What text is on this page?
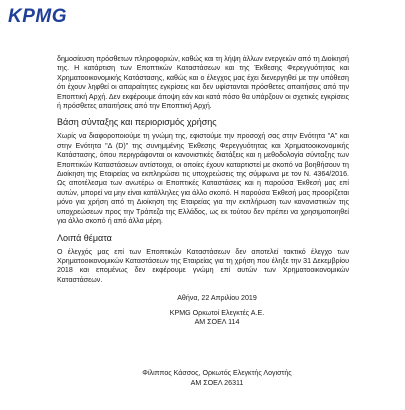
KPMG

δημοσίευση πρόσθετων πληροφοριών, καθώς και τη λήψη άλλων ενεργειών από τη Διοίκησή της. Η κατάρτιση των Εποπτικών Καταστάσεων και της Έκθεσης Φερεγγυότητας και Χρηματοοικονομικής Κατάστασης, καθώς και ο έλεγχος μας έχει διενεργηθεί με την υπόθεση ότι έχουν ληφθεί οι απαραίτητες εγκρίσεις και δεν υφίστανται πρόσθετες απαιτήσεις από την Εποπτική Αρχή. Δεν εκφέρουμε άποψη εάν και κατά πόσο θα υπάρξουν οι σχετικές εγκρίσεις ή πρόσθετες απαιτήσεις από την Εποπτική Αρχή.

Βάση σύνταξης και περιορισμός χρήσης

Χωρίς να διαφοροποιούμε τη γνώμη της, εφιστούμε την προσοχή σας στην Ενότητα "Α" και στην Ενότητα "Δ (D)" της συνημμένης Έκθεσης Φερεγγυότητας και Χρηματοοικονομικής Κατάστασης, όπου περιγράφονται οι κανονιστικές διατάξεις και η μεθοδολογία σύνταξης των Εποπτικών Καταστάσεων αντίστοιχα, οι οποίες έχουν καταρτιστεί με σκοπό να βοηθήσουν τη Διοίκηση της Εταιρείας να εκπληρώσει τις υποχρεώσεις της σύμφωνα με τον Ν. 4364/2016. Ως αποτέλεσμα των ανωτέρω οι Εποπτικές Καταστάσεις και η παρούσα Έκθεσή μας επί αυτών, μπορεί να μην είναι κατάλληλες για άλλο σκοπό. Η παρούσα Έκθεσή μας προορίζεται μόνο για χρήση από τη Διοίκηση της Εταιρείας για την εκπλήρωση των κανονιστικών της υποχρεώσεων προς την Τράπεζα της Ελλάδος, ως εκ τούτου δεν πρέπει να χρησιμοποιηθεί για άλλο σκοπό ή από άλλα μέρη.

Λοιπά θέματα

Ο έλεγχός μας επί των Εποπτικών Καταστάσεων δεν αποτελεί τακτικό έλεγχο των Χρηματοοικονομικών Καταστάσεων της Εταιρείας για τη χρήση που έληξε την 31 Δεκεμβρίου 2018 και επομένως δεν εκφέρουμε γνώμη επί αυτών των Χρηματοοικονομικών Καταστάσεων.

Αθήνα, 22 Απριλίου 2019
KPMG Ορκωτοί Ελεγκτές Α.Ε.
ΑΜ ΣΟΕΛ 114
Φίλιππος Κάσσος, Ορκωτός Ελεγκτής Λογιστής
ΑΜ ΣΟΕΛ 26311
